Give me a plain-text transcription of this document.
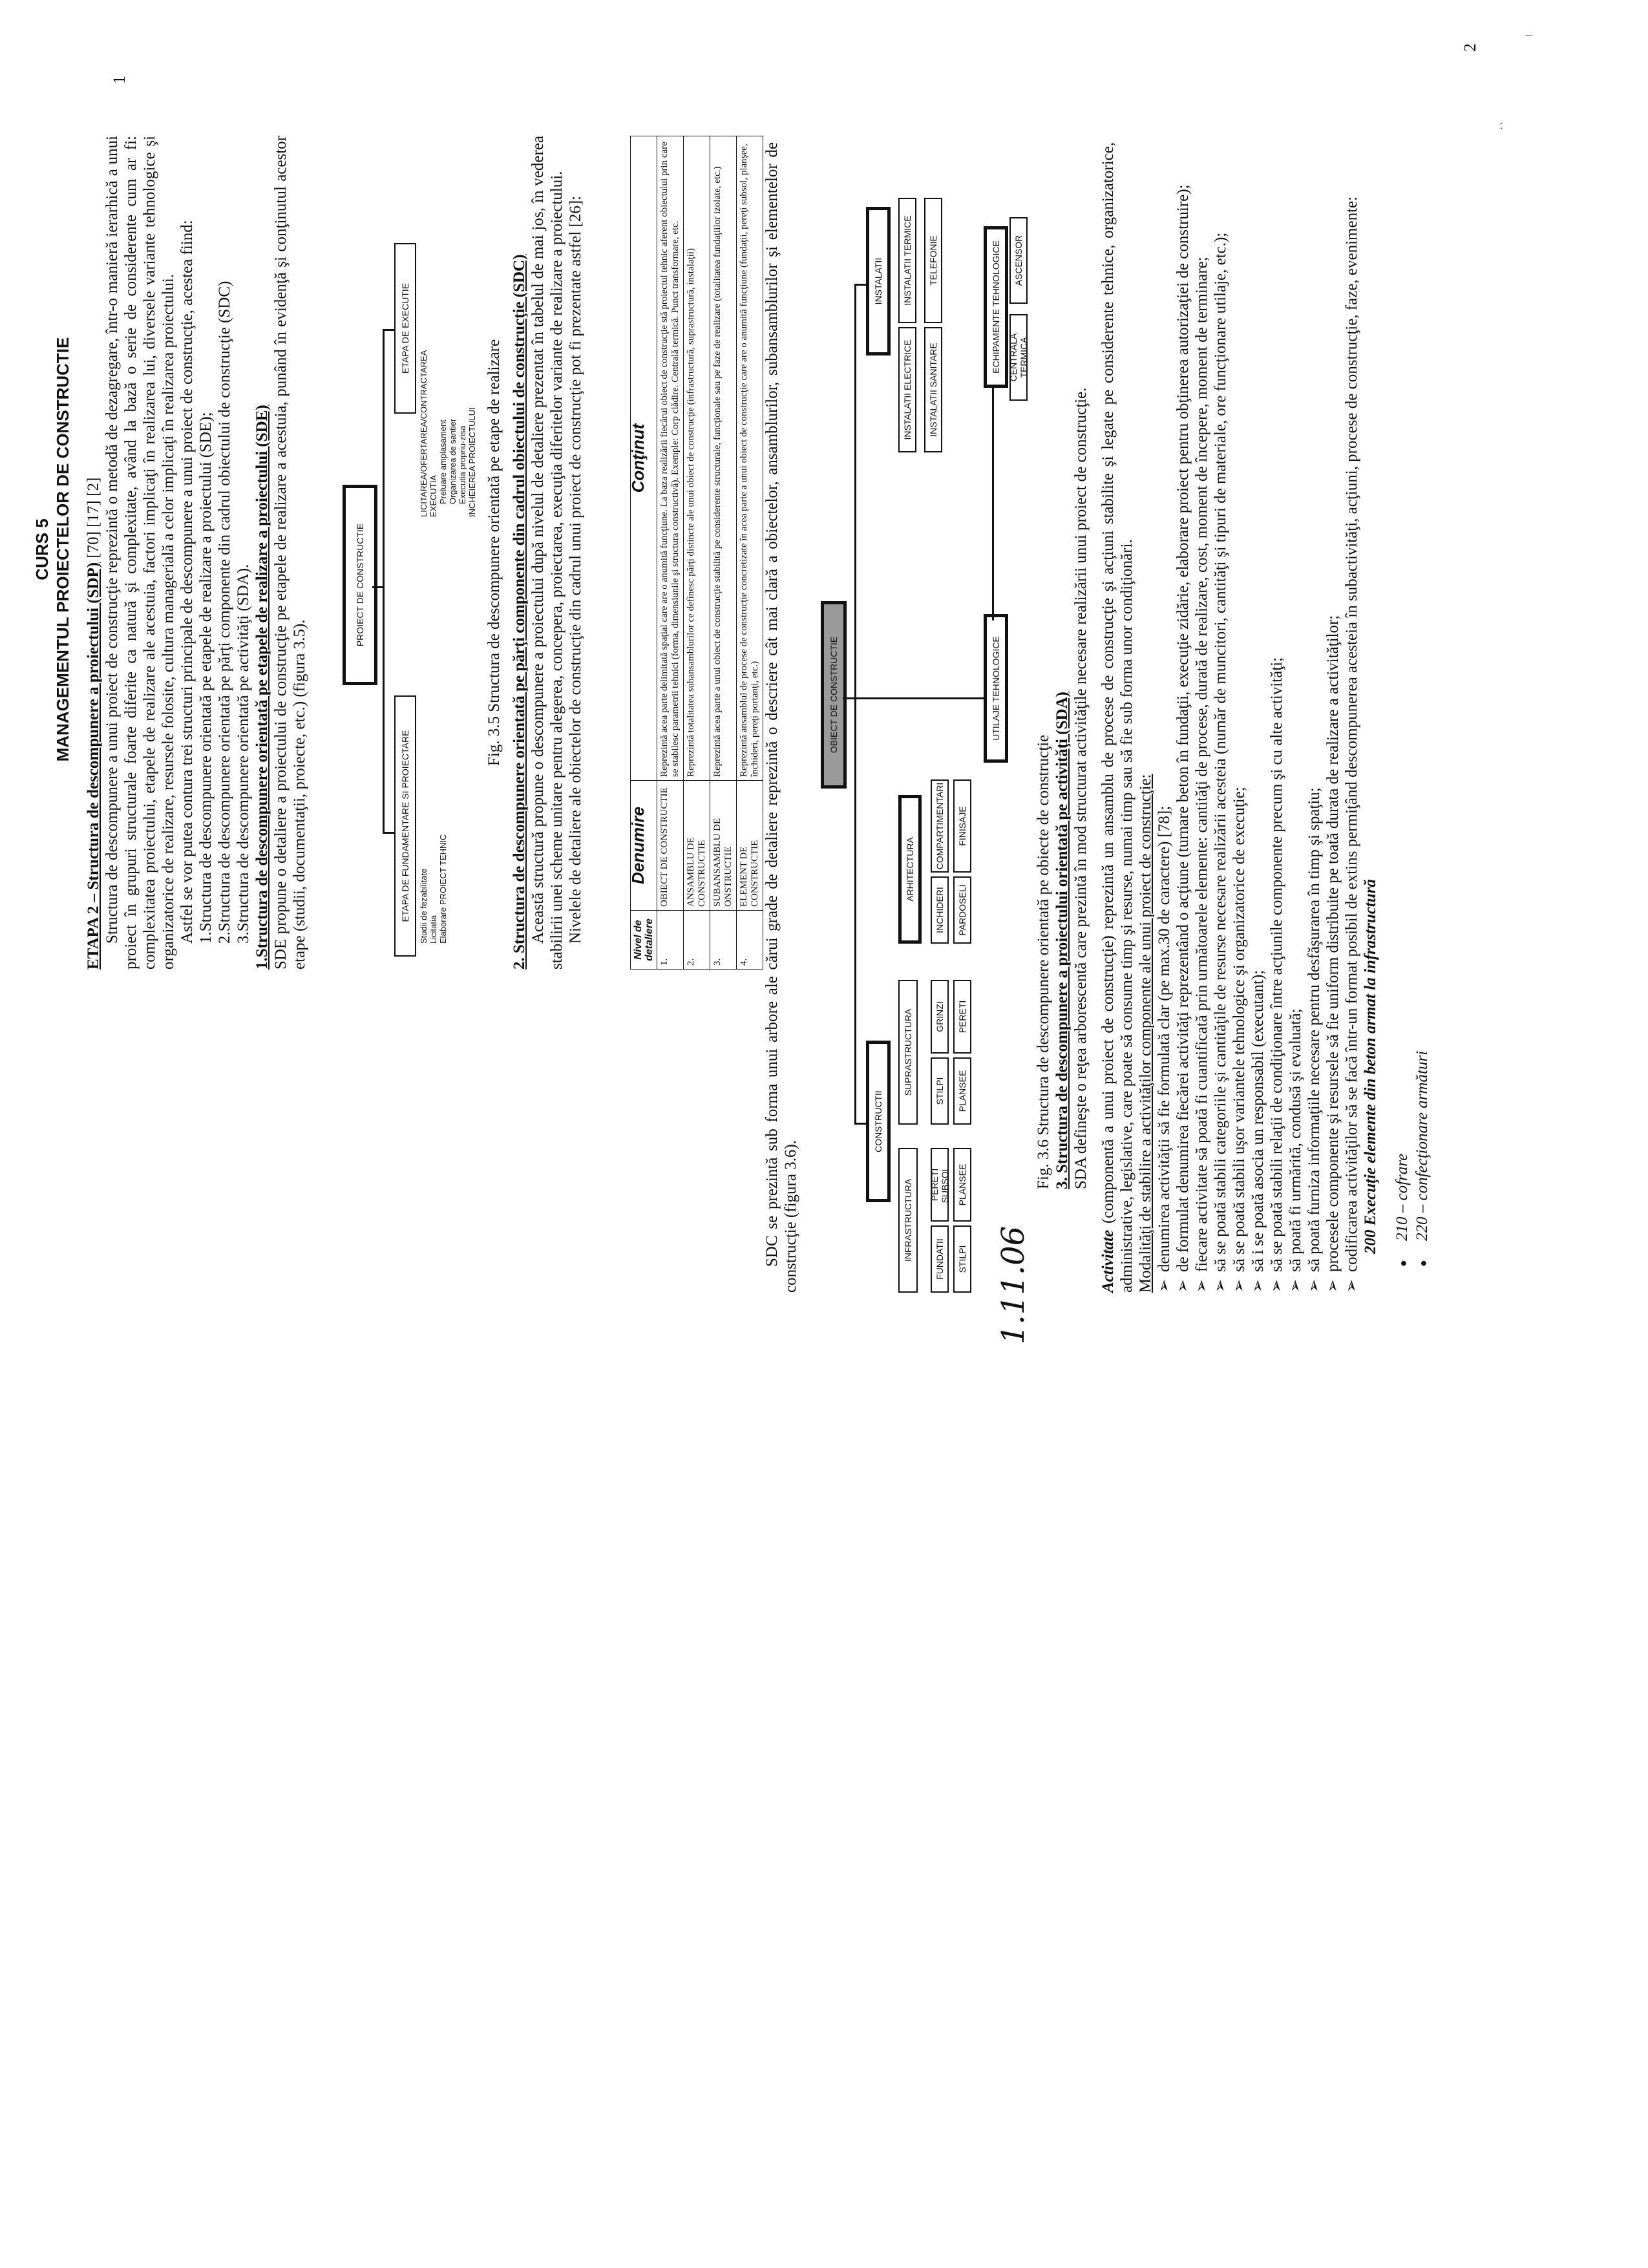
CURS 5 MANAGEMENTUL PROIECTELOR DE CONSTRUCTIE

ETAPA 2 – Structura de descompunere a proiectului (SDP) [70] [17] [2] Structura de descompunere a unui proiect de construcţie reprezintă o metodă de dezagregare, într-o manieră ierarhică a unui proiect în grupuri structurale foarte diferite ca natură şi complexitate, având la bază o serie de considerente cum ar fi: complexitatea proiectului, etapele de realizare ale acestuia, factori implicaţi în realizarea lui, diversele variante tehnologice şi organizatorice de realizare, resursele folosite, cultura managerială a celor implicaţi în realizarea proiectului. Astfel se vor putea contura trei structuri principale de descompunere a unui proiect de construcţie, acestea fiind: 1.Structura de descompunere orientată pe etapele de realizare a proiectului (SDE); 2.Structura de descompunere orientată pe părţi componente din cadrul obiectului de construcţie (SDC) 3.Structura de descompunere orientată pe activităţi (SDA). 1.Structura de descompunere orientată pe etapele de realizare a proiectului (SDE) SDE propune o detaliere a proiectului de construcţie pe etapele de realizare a acestuia, punând în evidenţă şi conţinutul acestor etape (studii, documentaţii, proiecte, etc.) (figura 3.5).

PROIECT DE CONSTRUCTIE
ETAPA DE FUNDAMENTARE SI PROIECTARE
ETAPA DE EXECUTIE
Studii de fezabilitate Licitatia Elaborare PROIECT TEHNIC
LICITAREA/OFERTAREA/CONTRACTAREA EXECUTIA Preluare amplasament Organizarea de santier Executia propriu-zisa INCHEIEREA PROIECTULUI Fig. 3.5 Structura de descompunere orientată pe etape de realizare 2. Structura de descompunere orientată pe părţi componente din cadrul obiectului de construcţie (SDC) Această structură propune o descompunere a proiectului după nivelul de detaliere prezentat în tabelul de mai jos, în vederea stabilirii unei scheme unitare pentru alegerea, concepera, proiectarea, execuţia diferitelor variante de realizare a proiectului. Nivelele de detaliere ale obiectelor de construcţie din cadrul unui proiect de construcţie pot fi prezentate astfel [26]:	Nivel de detaliere	Denumire	Conţinut
1.	OBIECT DE CONSTRUCTIE	Reprezintă acea parte delimitată spaţial care are o anumită funcţiune. La baza realizării fiecărui obiect de construcţie stă proiectul tehnic aferent obiectului prin care se stabilesc parametrii tehnici (forma, dimensiunile şi structura constructivă). Exemple: Corp clădire. Centrală termică. Punct transformare, etc.
2.	ANSAMBLU DE CONSTRUCTIE	Reprezintă totalitatea subansamblurilor ce definesc părţi distincte ale unui obiect de construcţie (infrastructură, suprastructură, instalaţii)
3.	SUBANSAMBLU DE ONSTRUCTIE	Reprezintă acea parte a unui obiect de construcţie stabilită pe considerente structurale, funcţionale sau pe faze de realizare (totalitatea fundaţiilor izolate, etc.)
4.	ELEMENT DE CONSTRUCTIE	Reprezintă ansamblul de procese de construcţie concretizate în acea parte a unui obiect de construcţie care are o anumită funcţiune (fundaţii, pereţi subsol, planşee, închideri, pereţi portanţi, etc.)
1

SDC se prezintă sub forma unui arbore ale cărui grade de detaliere reprezintă o descriere cât mai clară a obiectelor, ansamblurilor, subansamblurilor şi elementelor de construcţie (figura 3.6).

OBIECT DE CONSTRUCTIE
CONSTRUCTII
INSTALATII
INFRASTRUCTURA
SUPRASTRUCTURA
ARHITECTURA
FUNDATII
PERETI SUBSOL
STILPI
PLANSEE
STILPI
GRINZI
PLANSEE
PERETI
INCHIDERI
COMPARTIMENTARI
PARDOSELI
FINISAJE
INSTALATII ELECTRICE
INSTALATII TERMICE
INSTALATII SANITARE
TELEFONIE
UTILAJE TEHNOLOGICE
ECHIPAMENTE TEHNOLOGICE CENTRALA TERMICA
ASCENSOR
1.11.06

Fig. 3.6 Structura de descompunere orientată pe obiecte de construcţie 3. Structura de descompunere a proiectului orientată pe activităţi (SDA) SDA defineşte o reţea arborescentă care prezintă în mod structurat activităţile necesare realizării unui proiect de construcţie.

Activitate (componentă a unui proiect de construcţie) reprezintă un ansamblu de procese de construcţie şi acţiuni stabilite şi legate pe considerente tehnice, organizatorice, administrative, legislative, care poate să consume timp şi resurse, numai timp sau să fie sub forma unor condiţionări. Modalităţi de stabilire a activităţilor componente ale unui proiect de construcţie: ➢ denumirea activităţii să fie formulată clar (pe max.30 de caractere) [78]; ➢ de formulat denumirea fiecărei activităţi reprezentând o acţiune (turnare beton în fundaţii, execuţie zidărie, elaborare proiect pentru obţinerea autorizaţiei de construire); ➢ fiecare activitate să poată fi cuantificată prin următoarele elemente: cantităţi de procese, durată de realizare, cost, moment de începere, moment de terminare; ➢ să se poată stabili categoriile şi cantităţile de resurse necesare realizării acesteia (număr de muncitori, cantităţi şi tipuri de materiale, ore funcţionare utilaje, etc.); ➢ să se poată stabili uşor variantele tehnologice şi organizatorice de execuţie; ➢ să i se poată asocia un responsabil (executant); ➢ să se poată stabili relaţii de condiţionare între acţiunile componente precum şi cu alte activităţi; ➢ să poată fi urmărită, condusă şi evaluată; ➢ să poată furniza informaţiile necesare pentru desfăşurarea în timp şi spaţiu; ➢ procesele componente şi resursele să fie uniform distribuite pe toată durata de realizare a activităţilor; ➢ codificarea activităţilor să se facă într-un format posibil de extins permiţând descompunerea acesteia în subactivităţi, acţiuni, procese de construcţie, faze, evenimente: 200 Execuţie elemente din beton armat la infrastructură ● 210 – cofrare ● 220 – confecţionare armături
2
–
:
